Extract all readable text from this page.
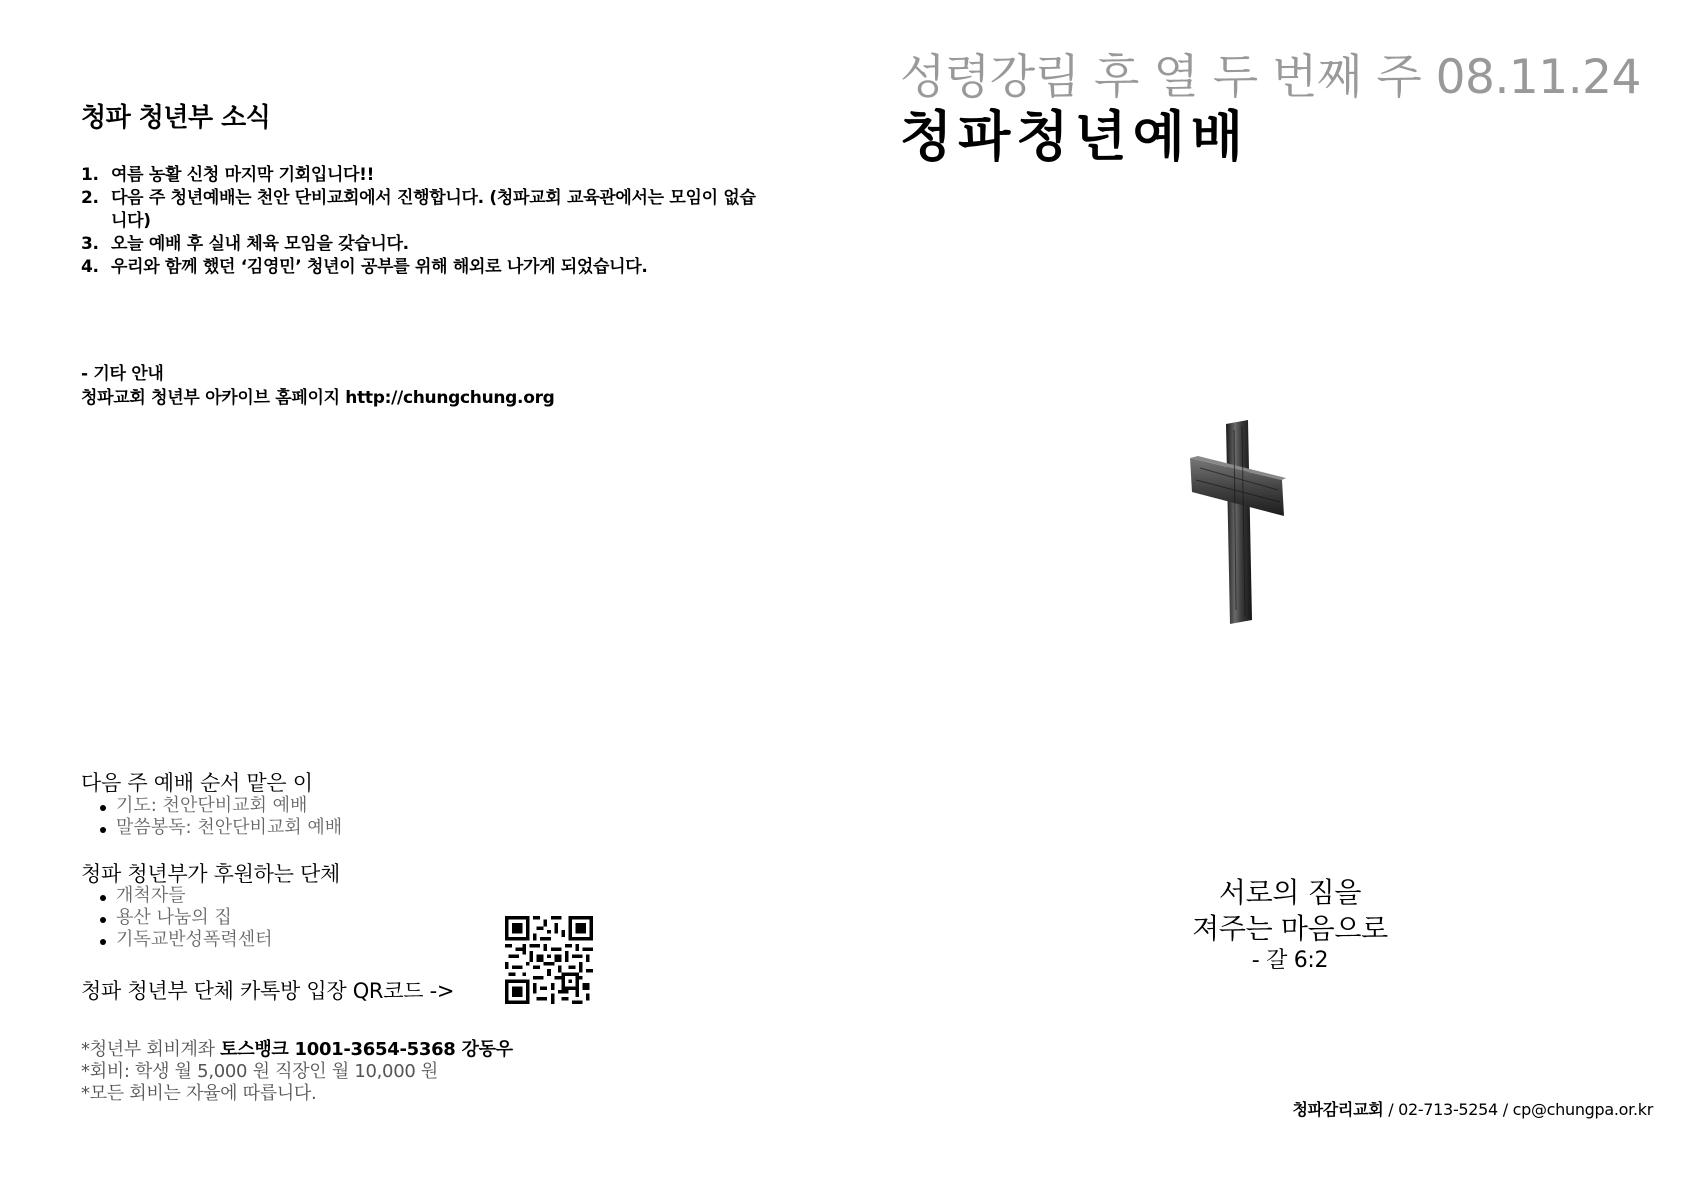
청파 청년부 소식
1. 여름 농활 신청 마지막 기회입니다!!
2. 다음 주 청년예배는 천안 단비교회에서 진행합니다. (청파교회 교육관에서는 모임이 없습니다)
3. 오늘 예배 후 실내 체육 모임을 갖습니다.
4. 우리와 함께 했던 ‘김영민’ 청년이 공부를 위해 해외로 나가게 되었습니다.
- 기타 안내
청파교회 청년부 아카이브 홈페이지 http://chungchung.org
다음 주 예배 순서 맡은 이
기도: 천안단비교회 예배
말씀봉독: 천안단비교회 예배
청파 청년부가 후원하는 단체
개척자들
용산 나눔의 집
기독교반성폭력센터
청파 청년부 단체 카톡방 입장 QR코드 ->
*청년부 회비계좌 토스뱅크 1001-3654-5368 강동우
*회비: 학생 월 5,000 원 직장인 월 10,000 원
*모든 회비는 자율에 따릅니다.
성령강림 후 열 두 번째 주 08.11.24
청파청년예배
서로의 짐을
져주는 마음으로
- 갈 6:2
청파감리교회 / 02-713-5254 / cp@chungpa.or.kr
